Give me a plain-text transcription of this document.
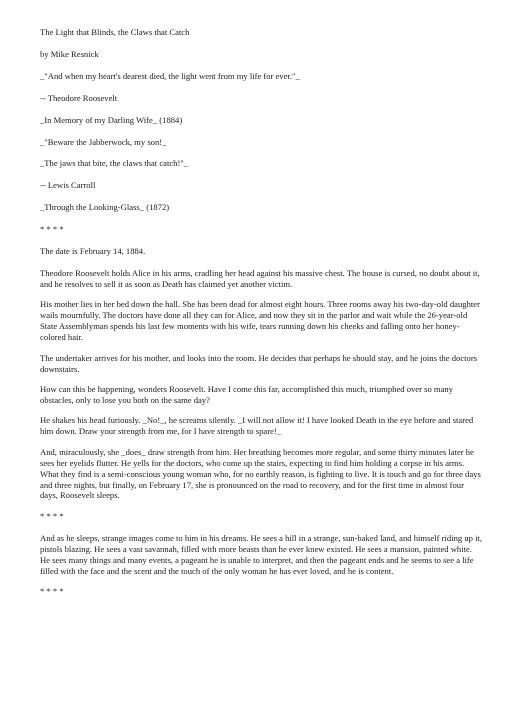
The Light that Blinds, the Claws that Catch

by Mike Resnick

_"And when my heart's dearest died, the light went from my life for ever."_

-- Theodore Roosevelt

_In Memory of my Darling Wife_ (1884)

_"Beware the Jabberwock, my son!_

_The jaws that bite, the claws that catch!"_

-- Lewis Carroll

_Through the Looking-Glass_ (1872)

* * * *

The date is February 14, 1884.

Theodore Roosevelt holds Alice in his arms, cradling her head against his massive chest. The house is cursed, no doubt about it, and he resolves to sell it as soon as Death has claimed yet another victim.

His mother lies in her bed down the hall. She has been dead for almost eight hours. Three rooms away his two-day-old daughter wails mournfully. The doctors have done all they can for Alice, and now they sit in the parlor and wait while the 26-year-old State Assemblyman spends his last few moments with his wife, tears running down his cheeks and falling onto her honey-colored hair.

The undertaker arrives for his mother, and looks into the room. He decides that perhaps he should stay, and he joins the doctors downstairs.

How can this be happening, wonders Roosevelt. Have I come this far, accomplished this much, triumphed over so many obstacles, only to lose you both on the same day?

He shakes his head furiously. _No!_, he screams silently. _I will not allow it! I have looked Death in the eye before and stared him down. Draw your strength from me, for I have strength to spare!_

And, miraculously, she _does_ draw strength from him. Her breathing becomes more regular, and some thirty minutes later he sees her eyelids flutter. He yells for the doctors, who come up the stairs, expecting to find him holding a corpse in his arms. What they find is a semi-conscious young woman who, for no earthly reason, is fighting to live. It is touch and go for three days and three nights, but finally, on February 17, she is pronounced on the road to recovery, and for the first time in almost four days, Roosevelt sleeps.

* * * *

And as he sleeps, strange images come to him in his dreams. He sees a hill in a strange, sun-baked land, and himself riding up it, pistols blazing. He sees a vast savannah, filled with more beasts than he ever knew existed. He sees a mansion, painted white. He sees many things and many events, a pageant he is unable to interpret, and then the pageant ends and he seems to see a life filled with the face and the scent and the touch of the only woman he has ever loved, and he is content.

* * * *
